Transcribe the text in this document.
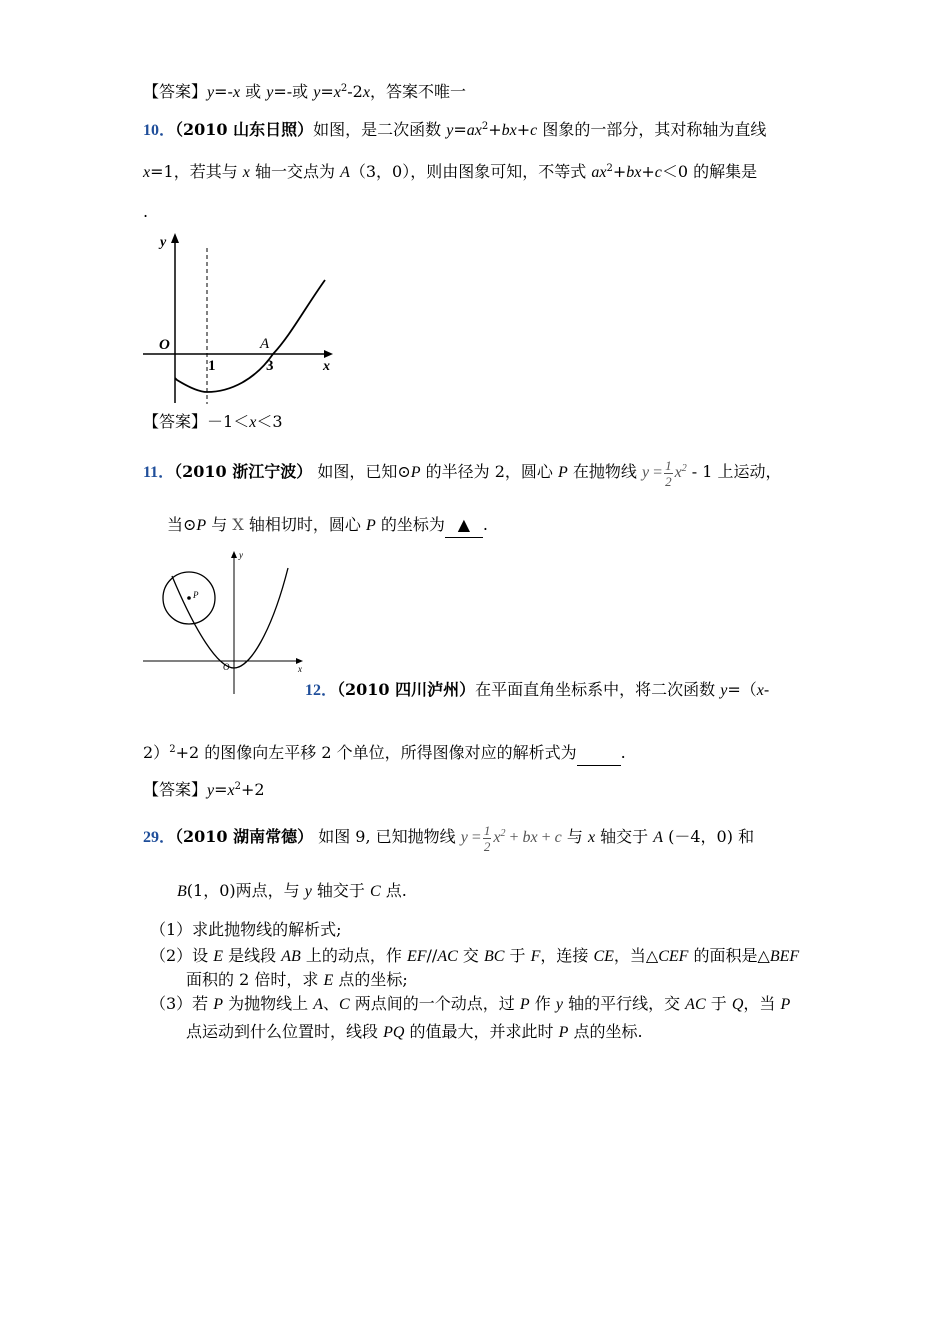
【答案】y=-x 或 y=-或 $y=x^2-2x$，答案不唯一
10．（2010 山东日照）如图，是二次函数 $y=ax^2+bx+c$ 图象的一部分，其对称轴为直线
x=1，若其与 x 轴一交点为 A（3，0），则由图象可知，不等式 $ax^2+bx+c<0$ 的解集是
.
y
O
x
1	3
A
【答案】－1＜x＜3
11．（2010 浙江宁波） 如图，已知⊙P 的半径为 2，圆心 P 在抛物线 $y = \frac{1}{2} x^2 - 1$ 上运动，
当⊙P 与 X 轴相切时，圆心 P 的坐标为 ▲ .
P
y
x
O
12．（2010 四川泸州）在平面直角坐标系中，将二次函数 y=（x-
2）$^2$+2 的图像向左平移 2 个单位，所得图像对应的解析式为	.
【答案】$y=x^2+2$
29．（2010 湖南常德） 如图 9, 已知抛物线 $y = \frac{1}{2} x^2$ + bx + c 与 x 轴交于 A (－4，0) 和
B(1，0)两点，与 y 轴交于 C 点.
（1）求此抛物线的解析式;
（2）设 E 是线段 AB 上的动点，作 EF//AC 交 BC 于 F，连接 CE，当△CEF 的面积是△BEF
面积的 2 倍时，求 E 点的坐标;
（3）若 P 为抛物线上 A、C 两点间的一个动点，过 P 作 y 轴的平行线，交 AC 于 Q，当 P
点运动到什么位置时，线段 PQ 的值最大，并求此时 P 点的坐标.
